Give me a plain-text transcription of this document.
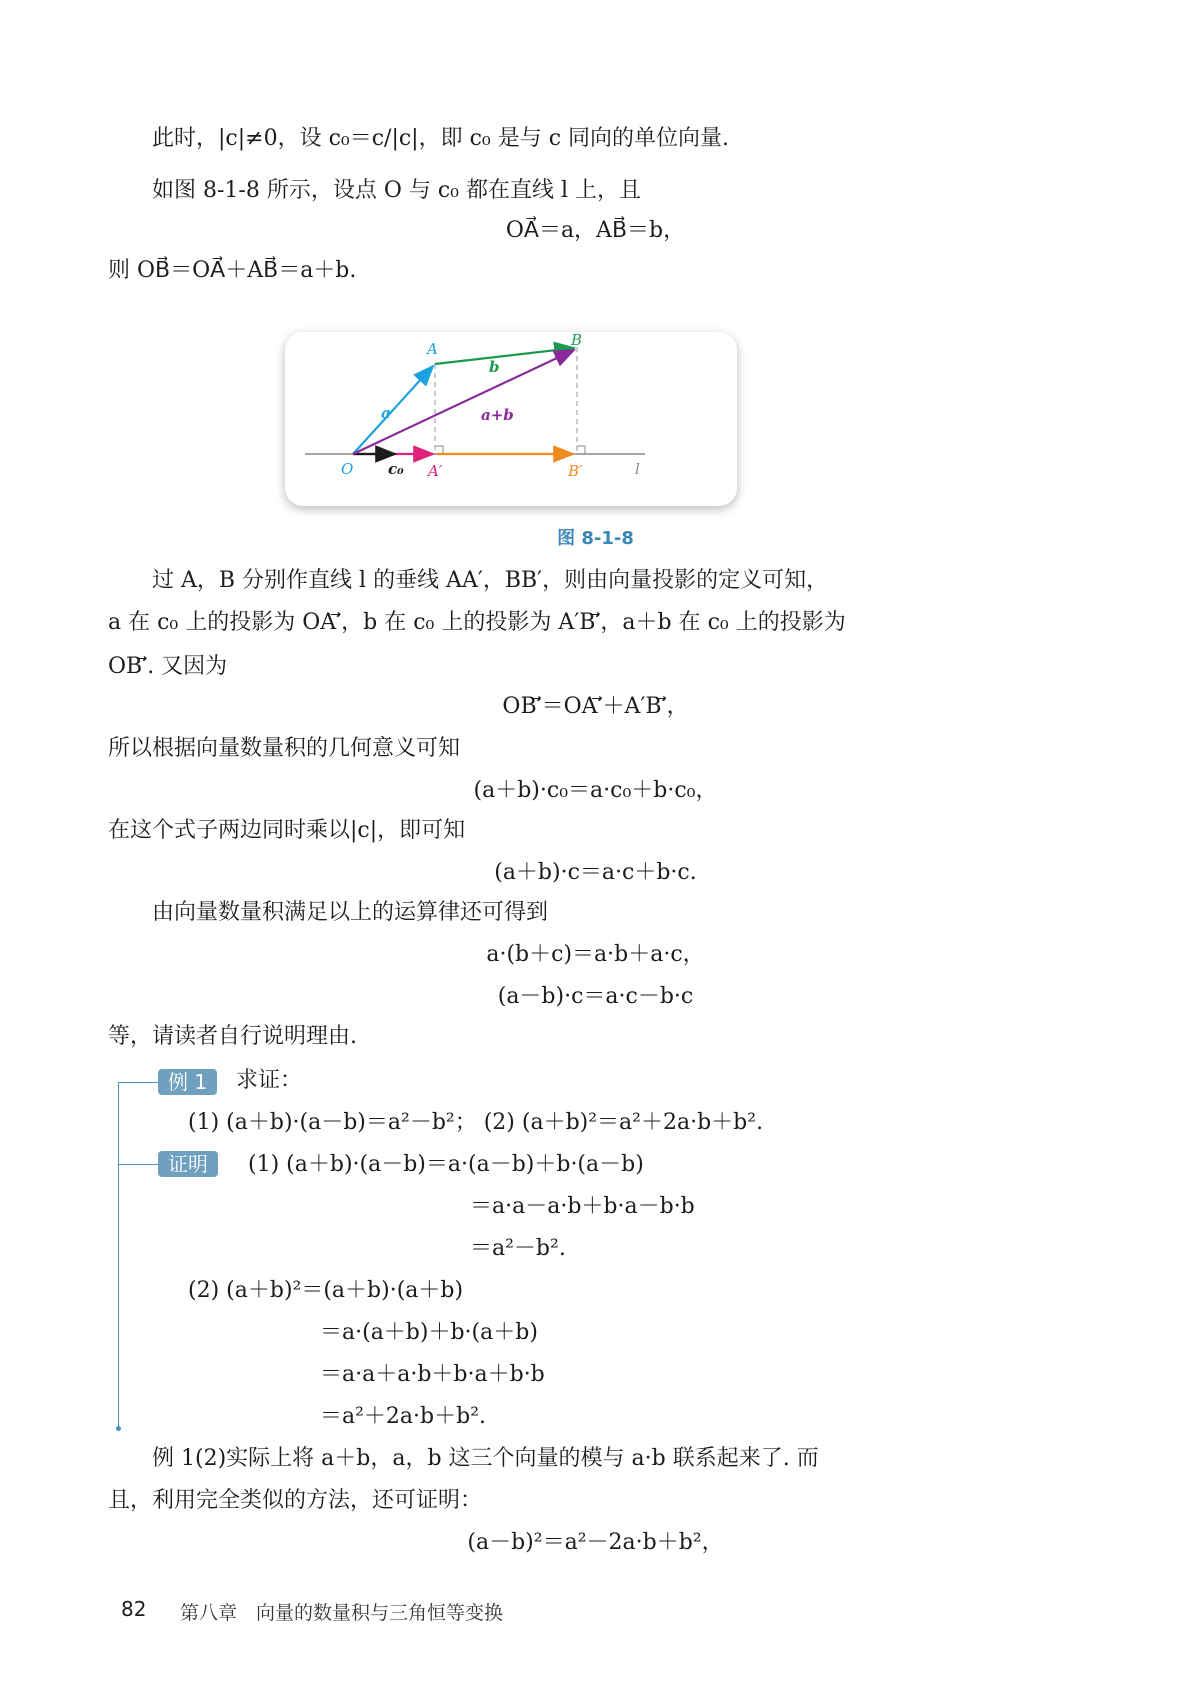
此时，|c|≠0，设 c₀＝c/|c|，即 c₀ 是与 c 同向的单位向量.
如图 8-1-8 所示，设点 O 与 c₀ 都在直线 l 上，且
OA⃗＝a，AB⃗＝b，
则 OB⃗＝OA⃗＋AB⃗＝a＋b.
O
A	B
A′	B′	l
a
b
a+b
c₀
图 8-1-8
过 A，B 分别作直线 l 的垂线 AA′，BB′，则由向量投影的定义可知，
a 在 c₀ 上的投影为 OA′⃗，b 在 c₀ 上的投影为 A′B′⃗，a＋b 在 c₀ 上的投影为
OB′⃗. 又因为
OB′⃗＝OA′⃗＋A′B′⃗，
所以根据向量数量积的几何意义可知
(a＋b)·c₀＝a·c₀＋b·c₀，
在这个式子两边同时乘以|c|，即可知
(a＋b)·c＝a·c＋b·c.
由向量数量积满足以上的运算律还可得到
a·(b＋c)＝a·b＋a·c，
(a－b)·c＝a·c－b·c
等，请读者自行说明理由.
例 1	求证：
(1) (a＋b)·(a－b)＝a²－b²； (2) (a＋b)²＝a²＋2a·b＋b².
证明	(1) (a＋b)·(a－b)＝a·(a－b)＋b·(a－b)
＝a·a－a·b＋b·a－b·b
＝a²－b².
(2) (a＋b)²＝(a＋b)·(a＋b)
＝a·(a＋b)＋b·(a＋b)
＝a·a＋a·b＋b·a＋b·b
＝a²＋2a·b＋b².
例 1(2)实际上将 a＋b，a，b 这三个向量的模与 a·b 联系起来了. 而
且，利用完全类似的方法，还可证明：
(a－b)²＝a²－2a·b＋b²，
82 第八章　向量的数量积与三角恒等变换
